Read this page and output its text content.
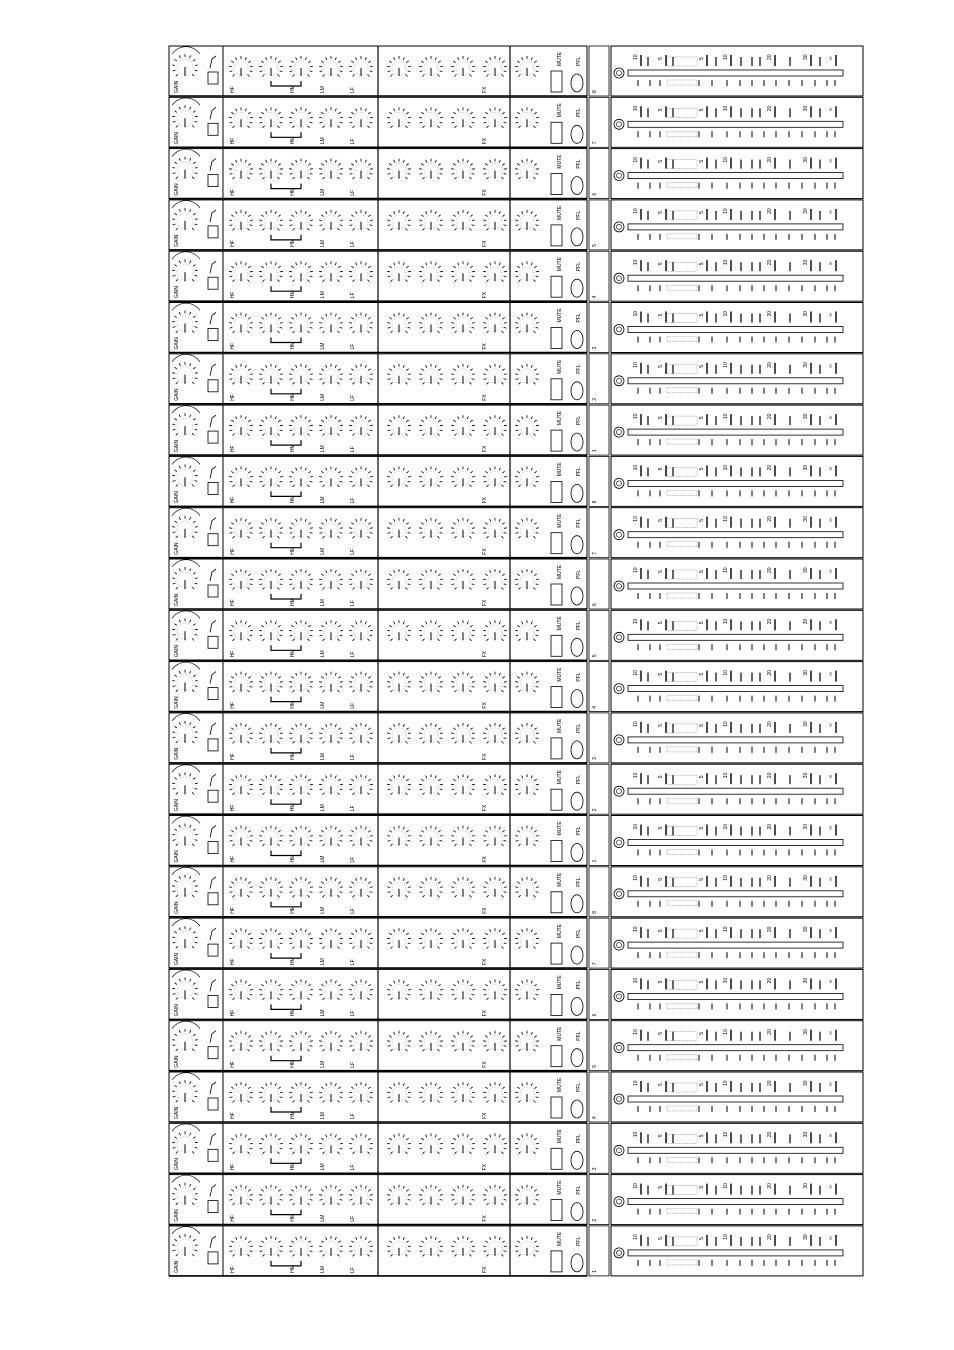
GAIN	HF	HM	LM	LF	FX
MUTE	PFL
8
10	5	5	10	20	30	∞
GAIN	HF	HM	LM	LF	FX
MUTE	PFL
7
10	5	5	10	20	30	∞
GAIN	HF	HM	LM	LF	FX
MUTE	PFL
6
10	5	5	10	20	30	∞
GAIN	HF	HM	LM	LF	FX
MUTE	PFL
5
10	5	5	10	20	30	∞
GAIN	HF	HM	LM	LF	FX
MUTE	PFL
4
10	5	5	10	20	30	∞
GAIN	HF	HM	LM	LF	FX
MUTE	PFL
3
10	5	5	10	20	30	∞
GAIN	HF	HM	LM	LF	FX
MUTE	PFL
2
10	5	5	10	20	30	∞
GAIN	HF	HM	LM	LF	FX
MUTE	PFL
1
10	5	5	10	20	30	∞
GAIN	HF	HM	LM	LF	FX
MUTE	PFL
8
10	5	5	10	20	30	∞
GAIN	HF	HM	LM	LF	FX
MUTE	PFL
7
10	5	5	10	20	30	∞
GAIN	HF	HM	LM	LF	FX
MUTE	PFL
6
10	5	5	10	20	30	∞
GAIN	HF	HM	LM	LF	FX
MUTE	PFL
5
10	5	5	10	20	30	∞
GAIN	HF	HM	LM	LF	FX
MUTE	PFL
4
10	5	5	10	20	30	∞
GAIN	HF	HM	LM	LF	FX
MUTE	PFL
3
10	5	5	10	20	30	∞
GAIN	HF	HM	LM	LF	FX
MUTE	PFL
2
10	5	5	10	20	30	∞
GAIN	HF	HM	LM	LF	FX
MUTE	PFL
1
10	5	5	10	20	30	∞
GAIN	HF	HM	LM	LF	FX
MUTE	PFL
8
10	5	5	10	20	30	∞
GAIN	HF	HM	LM	LF	FX
MUTE	PFL
7
10	5	5	10	20	30	∞
GAIN	HF	HM	LM	LF	FX
MUTE	PFL
6
10	5	5	10	20	30	∞
GAIN	HF	HM	LM	LF	FX
MUTE	PFL
5
10	5	5	10	20	30	∞
GAIN	HF	HM	LM	LF	FX
MUTE	PFL
4
10	5	5	10	20	30	∞
GAIN	HF	HM	LM	LF	FX
MUTE	PFL
3
10	5	5	10	20	30	∞
GAIN	HF	HM	LM	LF	FX
MUTE	PFL
2
10	5	5	10	20	30	∞
GAIN	HF	HM	LM	LF	FX
MUTE	PFL
1
10	5	5	10	20	30	∞
